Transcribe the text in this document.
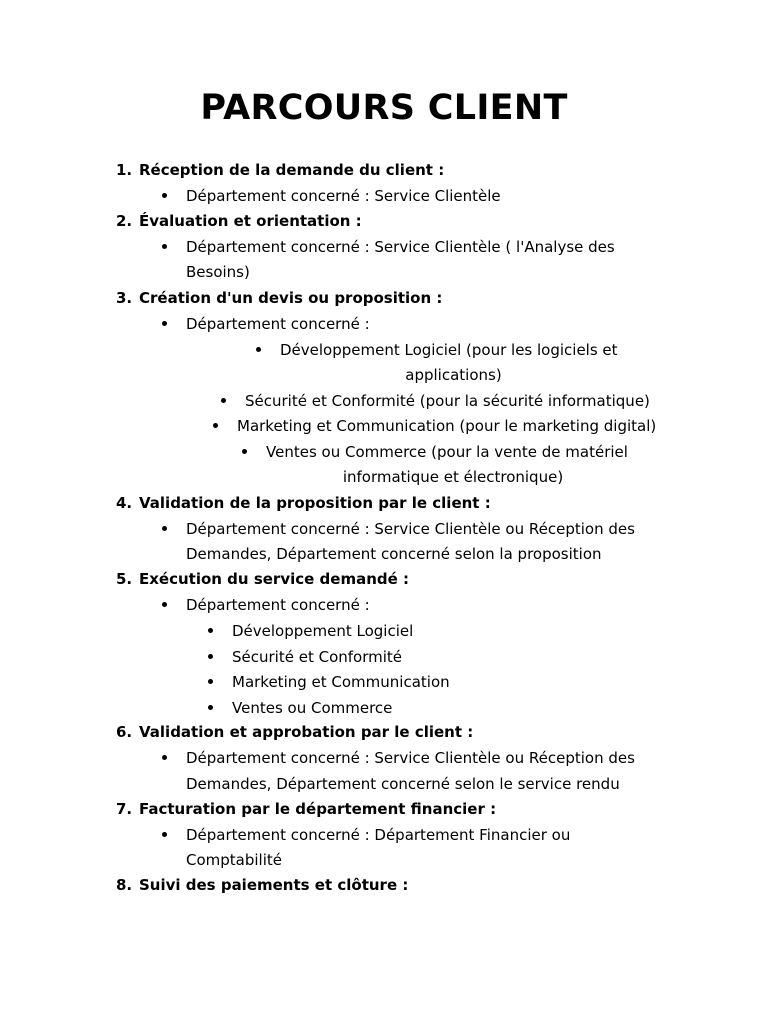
PARCOURS CLIENT
1. Réception de la demande du client :
Département concerné : Service Clientèle
2. Évaluation et orientation :
Département concerné : Service Clientèle ( l'Analyse des
Besoins)
3. Création d'un devis ou proposition :
Département concerné :
Développement Logiciel (pour les logiciels et
applications)
Sécurité et Conformité (pour la sécurité informatique)
Marketing et Communication (pour le marketing digital)
Ventes ou Commerce (pour la vente de matériel
informatique et électronique)
4. Validation de la proposition par le client :
Département concerné : Service Clientèle ou Réception des
Demandes, Département concerné selon la proposition
5. Exécution du service demandé :
Département concerné :
Développement Logiciel
Sécurité et Conformité
Marketing et Communication
Ventes ou Commerce
6. Validation et approbation par le client :
Département concerné : Service Clientèle ou Réception des
Demandes, Département concerné selon le service rendu
7. Facturation par le département financier :
Département concerné : Département Financier ou
Comptabilité
8. Suivi des paiements et clôture :
